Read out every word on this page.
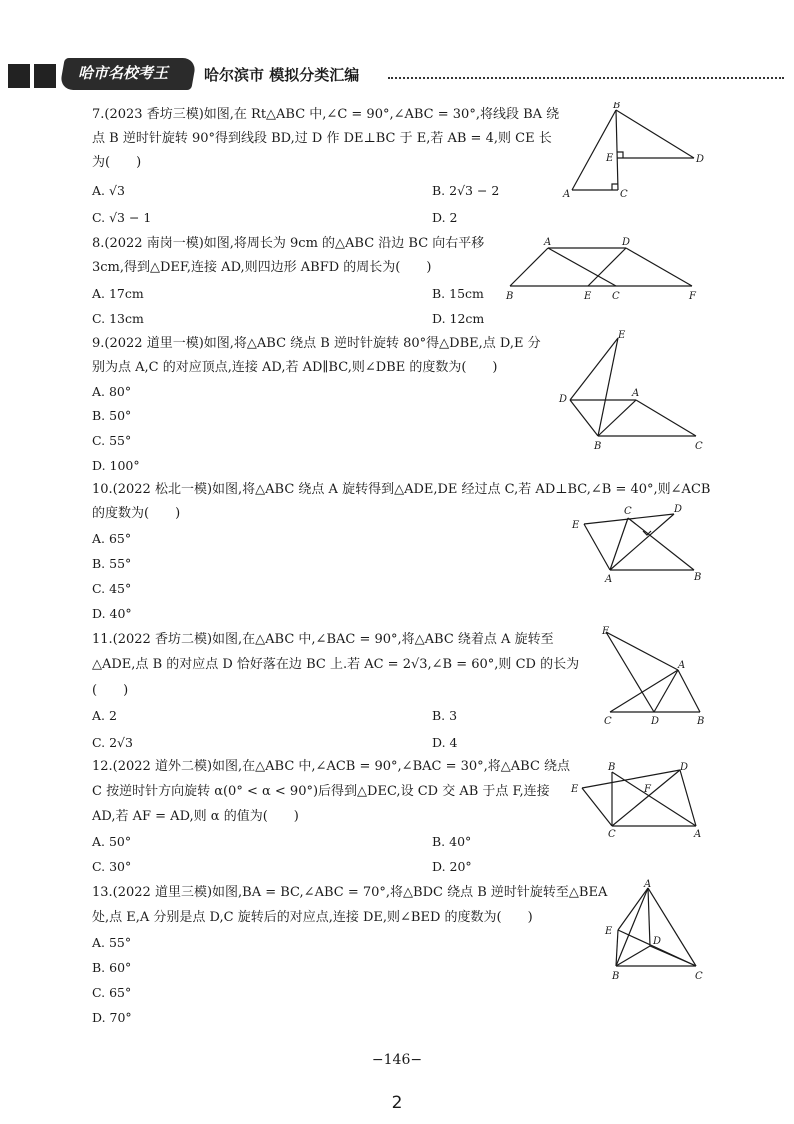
哈市名校考王 哈尔滨市 模拟分类汇编
7.(2023 香坊三模)如图,在 Rt△ABC 中,∠C = 90°,∠ABC = 30°,将线段 BA 绕
点 B 逆时针旋转 90°得到线段 BD,过 D 作 DE⊥BC 于 E,若 AB = 4,则 CE 长
为(　　)
A. √3	B. 2√3 − 2
C. √3 − 1	D. 2
B
E	D
A	C
8.(2022 南岗一模)如图,将周长为 9cm 的△ABC 沿边 BC 向右平移
3cm,得到△DEF,连接 AD,则四边形 ABFD 的周长为(　　)
A. 17cm	B. 15cm
C. 13cm	D. 12cm
A	D
B	E C	F
9.(2022 道里一模)如图,将△ABC 绕点 B 逆时针旋转 80°得△DBE,点 D,E 分
别为点 A,C 的对应顶点,连接 AD,若 AD∥BC,则∠DBE 的度数为(　　)
A. 80°
B. 50°
C. 55°
D. 100°
E
D
A
B	C
10.(2022 松北一模)如图,将△ABC 绕点 A 旋转得到△ADE,DE 经过点 C,若 AD⊥BC,∠B = 40°,则∠ACB
的度数为(　　)
A. 65°
B. 55°
C. 45°
D. 40°
C	D
E
A	B
11.(2022 香坊二模)如图,在△ABC 中,∠BAC = 90°,将△ABC 绕着点 A 旋转至
△ADE,点 B 的对应点 D 恰好落在边 BC 上.若 AC = 2√3,∠B = 60°,则 CD 的长为
(　　)
A. 2	B. 3
C. 2√3	D. 4
E
A
C	D	B
12.(2022 道外二模)如图,在△ABC 中,∠ACB = 90°,∠BAC = 30°,将△ABC 绕点
C 按逆时针方向旋转 α(0° < α < 90°)后得到△DEC,设 CD 交 AB 于点 F,连接
AD,若 AF = AD,则 α 的值为(　　)
A. 50°	B. 40°
C. 30°	D. 20°
B	D
E	F
C	A
13.(2022 道里三模)如图,BA = BC,∠ABC = 70°,将△BDC 绕点 B 逆时针旋转至△BEA
处,点 E,A 分别是点 D,C 旋转后的对应点,连接 DE,则∠BED 的度数为(　　)
A. 55°
B. 60°
C. 65°
D. 70°
A
E
D
B	C
−146−
2
